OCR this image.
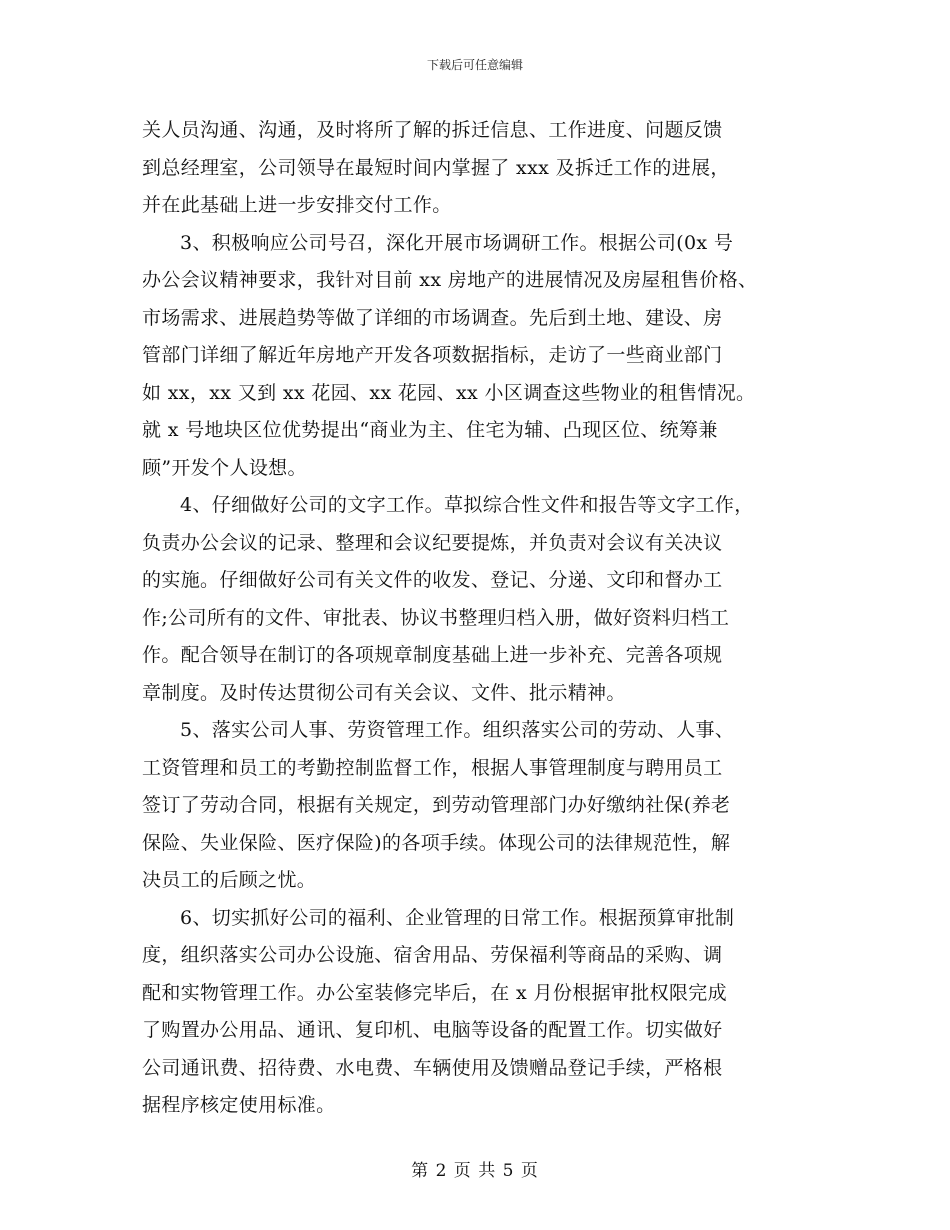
下载后可任意编辑
关人员沟通、沟通，及时将所了解的拆迁信息、工作进度、问题反馈
到总经理室，公司领导在最短时间内掌握了 xxx 及拆迁工作的进展，
并在此基础上进一步安排交付工作。
3、积极响应公司号召，深化开展市场调研工作。根据公司(0x 号
办公会议精神要求，我针对目前 xx 房地产的进展情况及房屋租售价格、
市场需求、进展趋势等做了详细的市场调查。先后到土地、建设、房
管部门详细了解近年房地产开发各项数据指标，走访了一些商业部门
如 xx，xx 又到 xx 花园、xx 花园、xx 小区调查这些物业的租售情况。
就 x 号地块区位优势提出“商业为主、住宅为辅、凸现区位、统筹兼
顾”开发个人设想。
4、仔细做好公司的文字工作。草拟综合性文件和报告等文字工作，
负责办公会议的记录、整理和会议纪要提炼，并负责对会议有关决议
的实施。仔细做好公司有关文件的收发、登记、分递、文印和督办工
作;公司所有的文件、审批表、协议书整理归档入册，做好资料归档工
作。配合领导在制订的各项规章制度基础上进一步补充、完善各项规
章制度。及时传达贯彻公司有关会议、文件、批示精神。
5、落实公司人事、劳资管理工作。组织落实公司的劳动、人事、
工资管理和员工的考勤控制监督工作，根据人事管理制度与聘用员工
签订了劳动合同，根据有关规定，到劳动管理部门办好缴纳社保(养老
保险、失业保险、医疗保险)的各项手续。体现公司的法律规范性，解
决员工的后顾之忧。
6、切实抓好公司的福利、企业管理的日常工作。根据预算审批制
度，组织落实公司办公设施、宿舍用品、劳保福利等商品的采购、调
配和实物管理工作。办公室装修完毕后，在 x 月份根据审批权限完成
了购置办公用品、通讯、复印机、电脑等设备的配置工作。切实做好
公司通讯费、招待费、水电费、车辆使用及馈赠品登记手续，严格根
据程序核定使用标准。
第 2 页 共 5 页
